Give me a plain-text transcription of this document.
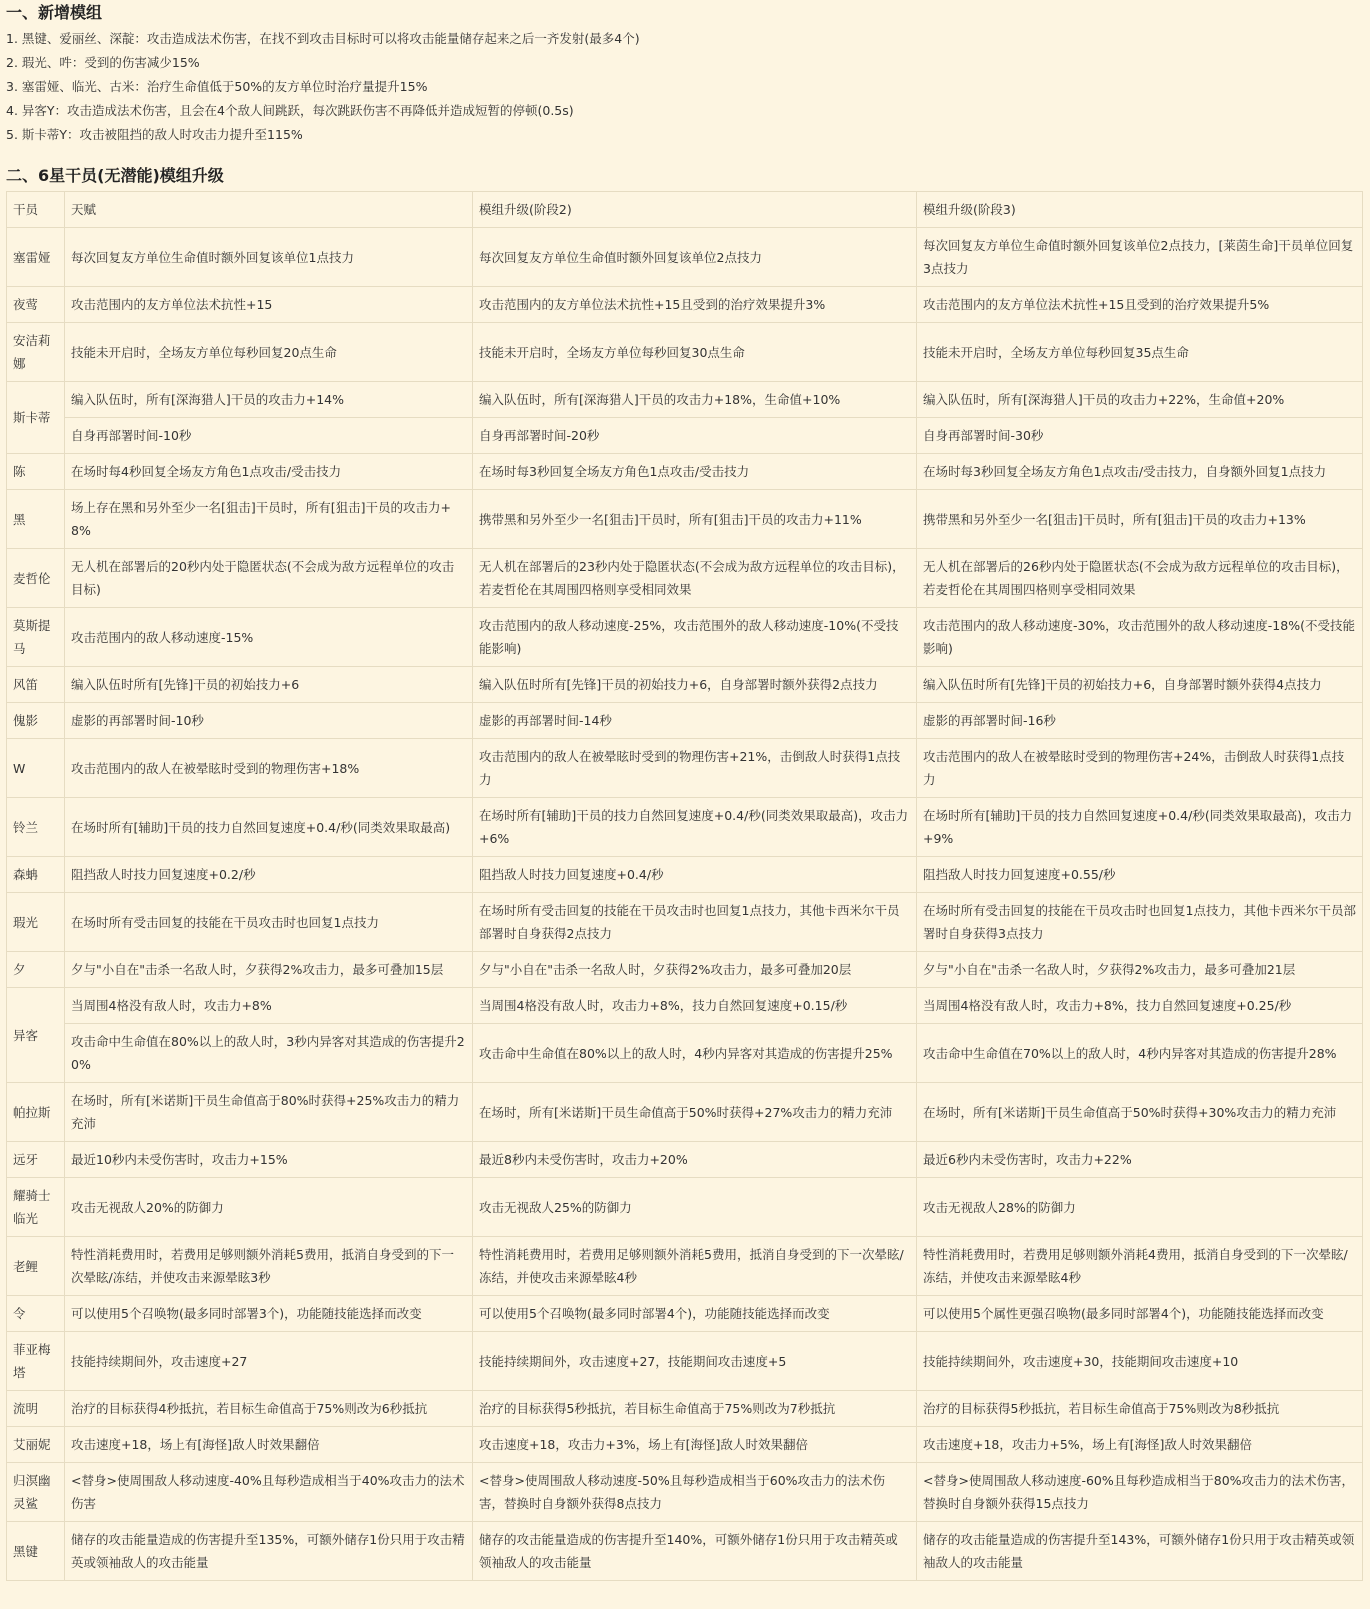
一、新增模组
1. 黑键、爱丽丝、深靛：攻击造成法术伤害，在找不到攻击目标时可以将攻击能量储存起来之后一齐发射(最多4个)
2. 瑕光、吽：受到的伤害减少15%
3. 塞雷娅、临光、古米：治疗生命值低于50%的友方单位时治疗量提升15%
4. 异客Y：攻击造成法术伤害，且会在4个敌人间跳跃，每次跳跃伤害不再降低并造成短暂的停顿(0.5s)
5. 斯卡蒂Y：攻击被阻挡的敌人时攻击力提升至115%
二、6星干员(无潜能)模组升级
干员	天赋	模组升级(阶段2)	模组升级(阶段3)
塞雷娅	每次回复友方单位生命值时额外回复该单位1点技力	每次回复友方单位生命值时额外回复该单位2点技力	每次回复友方单位生命值时额外回复该单位2点技力，[莱茵生命]干员单位回复3点技力
夜莺	攻击范围内的友方单位法术抗性+15	攻击范围内的友方单位法术抗性+15且受到的治疗效果提升3%	攻击范围内的友方单位法术抗性+15且受到的治疗效果提升5%
安洁莉娜	技能未开启时，全场友方单位每秒回复20点生命	技能未开启时，全场友方单位每秒回复30点生命	技能未开启时，全场友方单位每秒回复35点生命
斯卡蒂	编入队伍时，所有[深海猎人]干员的攻击力+14%	编入队伍时，所有[深海猎人]干员的攻击力+18%，生命值+10%	编入队伍时，所有[深海猎人]干员的攻击力+22%，生命值+20%
	自身再部署时间-10秒	自身再部署时间-20秒	自身再部署时间-30秒
陈	在场时每4秒回复全场友方角色1点攻击/受击技力	在场时每3秒回复全场友方角色1点攻击/受击技力	在场时每3秒回复全场友方角色1点攻击/受击技力，自身额外回复1点技力
黑	场上存在黑和另外至少一名[狙击]干员时，所有[狙击]干员的攻击力+8%	携带黑和另外至少一名[狙击]干员时，所有[狙击]干员的攻击力+11%	携带黑和另外至少一名[狙击]干员时，所有[狙击]干员的攻击力+13%
麦哲伦	无人机在部署后的20秒内处于隐匿状态(不会成为敌方远程单位的攻击目标)	无人机在部署后的23秒内处于隐匿状态(不会成为敌方远程单位的攻击目标)，若麦哲伦在其周围四格则享受相同效果	无人机在部署后的26秒内处于隐匿状态(不会成为敌方远程单位的攻击目标)，若麦哲伦在其周围四格则享受相同效果
莫斯提马	攻击范围内的敌人移动速度-15%	攻击范围内的敌人移动速度-25%，攻击范围外的敌人移动速度-10%(不受技能影响)	攻击范围内的敌人移动速度-30%，攻击范围外的敌人移动速度-18%(不受技能影响)
风笛	编入队伍时所有[先锋]干员的初始技力+6	编入队伍时所有[先锋]干员的初始技力+6，自身部署时额外获得2点技力	编入队伍时所有[先锋]干员的初始技力+6，自身部署时额外获得4点技力
傀影	虚影的再部署时间-10秒	虚影的再部署时间-14秒	虚影的再部署时间-16秒
W	攻击范围内的敌人在被晕眩时受到的物理伤害+18%	攻击范围内的敌人在被晕眩时受到的物理伤害+21%，击倒敌人时获得1点技力	攻击范围内的敌人在被晕眩时受到的物理伤害+24%，击倒敌人时获得1点技力
铃兰	在场时所有[辅助]干员的技力自然回复速度+0.4/秒(同类效果取最高)	在场时所有[辅助]干员的技力自然回复速度+0.4/秒(同类效果取最高)，攻击力+6%	在场时所有[辅助]干员的技力自然回复速度+0.4/秒(同类效果取最高)，攻击力+9%
森蚺	阻挡敌人时技力回复速度+0.2/秒	阻挡敌人时技力回复速度+0.4/秒	阻挡敌人时技力回复速度+0.55/秒
瑕光	在场时所有受击回复的技能在干员攻击时也回复1点技力	在场时所有受击回复的技能在干员攻击时也回复1点技力，其他卡西米尔干员部署时自身获得2点技力	在场时所有受击回复的技能在干员攻击时也回复1点技力，其他卡西米尔干员部署时自身获得3点技力
夕	夕与"小自在"击杀一名敌人时，夕获得2%攻击力，最多可叠加15层	夕与"小自在"击杀一名敌人时，夕获得2%攻击力，最多可叠加20层	夕与"小自在"击杀一名敌人时，夕获得2%攻击力，最多可叠加21层
异客	当周围4格没有敌人时，攻击力+8%	当周围4格没有敌人时，攻击力+8%，技力自然回复速度+0.15/秒	当周围4格没有敌人时，攻击力+8%，技力自然回复速度+0.25/秒
	攻击命中生命值在80%以上的敌人时，3秒内异客对其造成的伤害提升20%	攻击命中生命值在80%以上的敌人时，4秒内异客对其造成的伤害提升25%	攻击命中生命值在70%以上的敌人时，4秒内异客对其造成的伤害提升28%
帕拉斯	在场时，所有[米诺斯]干员生命值高于80%时获得+25%攻击力的精力充沛	在场时，所有[米诺斯]干员生命值高于50%时获得+27%攻击力的精力充沛	在场时，所有[米诺斯]干员生命值高于50%时获得+30%攻击力的精力充沛
远牙	最近10秒内未受伤害时，攻击力+15%	最近8秒内未受伤害时，攻击力+20%	最近6秒内未受伤害时，攻击力+22%
耀骑士临光	攻击无视敌人20%的防御力	攻击无视敌人25%的防御力	攻击无视敌人28%的防御力
老鲤	特性消耗费用时，若费用足够则额外消耗5费用，抵消自身受到的下一次晕眩/冻结，并使攻击来源晕眩3秒	特性消耗费用时，若费用足够则额外消耗5费用，抵消自身受到的下一次晕眩/冻结，并使攻击来源晕眩4秒	特性消耗费用时，若费用足够则额外消耗4费用，抵消自身受到的下一次晕眩/冻结，并使攻击来源晕眩4秒
令	可以使用5个召唤物(最多同时部署3个)，功能随技能选择而改变	可以使用5个召唤物(最多同时部署4个)，功能随技能选择而改变	可以使用5个属性更强召唤物(最多同时部署4个)，功能随技能选择而改变
菲亚梅塔	技能持续期间外，攻击速度+27	技能持续期间外，攻击速度+27，技能期间攻击速度+5	技能持续期间外，攻击速度+30，技能期间攻击速度+10
流明	治疗的目标获得4秒抵抗，若目标生命值高于75%则改为6秒抵抗	治疗的目标获得5秒抵抗，若目标生命值高于75%则改为7秒抵抗	治疗的目标获得5秒抵抗，若目标生命值高于75%则改为8秒抵抗
艾丽妮	攻击速度+18，场上有[海怪]敌人时效果翻倍	攻击速度+18，攻击力+3%，场上有[海怪]敌人时效果翻倍	攻击速度+18，攻击力+5%，场上有[海怪]敌人时效果翻倍
归溟幽灵鲨	<替身>使周围敌人移动速度-40%且每秒造成相当于40%攻击力的法术伤害	<替身>使周围敌人移动速度-50%且每秒造成相当于60%攻击力的法术伤害，替换时自身额外获得8点技力	<替身>使周围敌人移动速度-60%且每秒造成相当于80%攻击力的法术伤害，替换时自身额外获得15点技力
黑键	储存的攻击能量造成的伤害提升至135%，可额外储存1份只用于攻击精英或领袖敌人的攻击能量	储存的攻击能量造成的伤害提升至140%，可额外储存1份只用于攻击精英或领袖敌人的攻击能量	储存的攻击能量造成的伤害提升至143%，可额外储存1份只用于攻击精英或领袖敌人的攻击能量
